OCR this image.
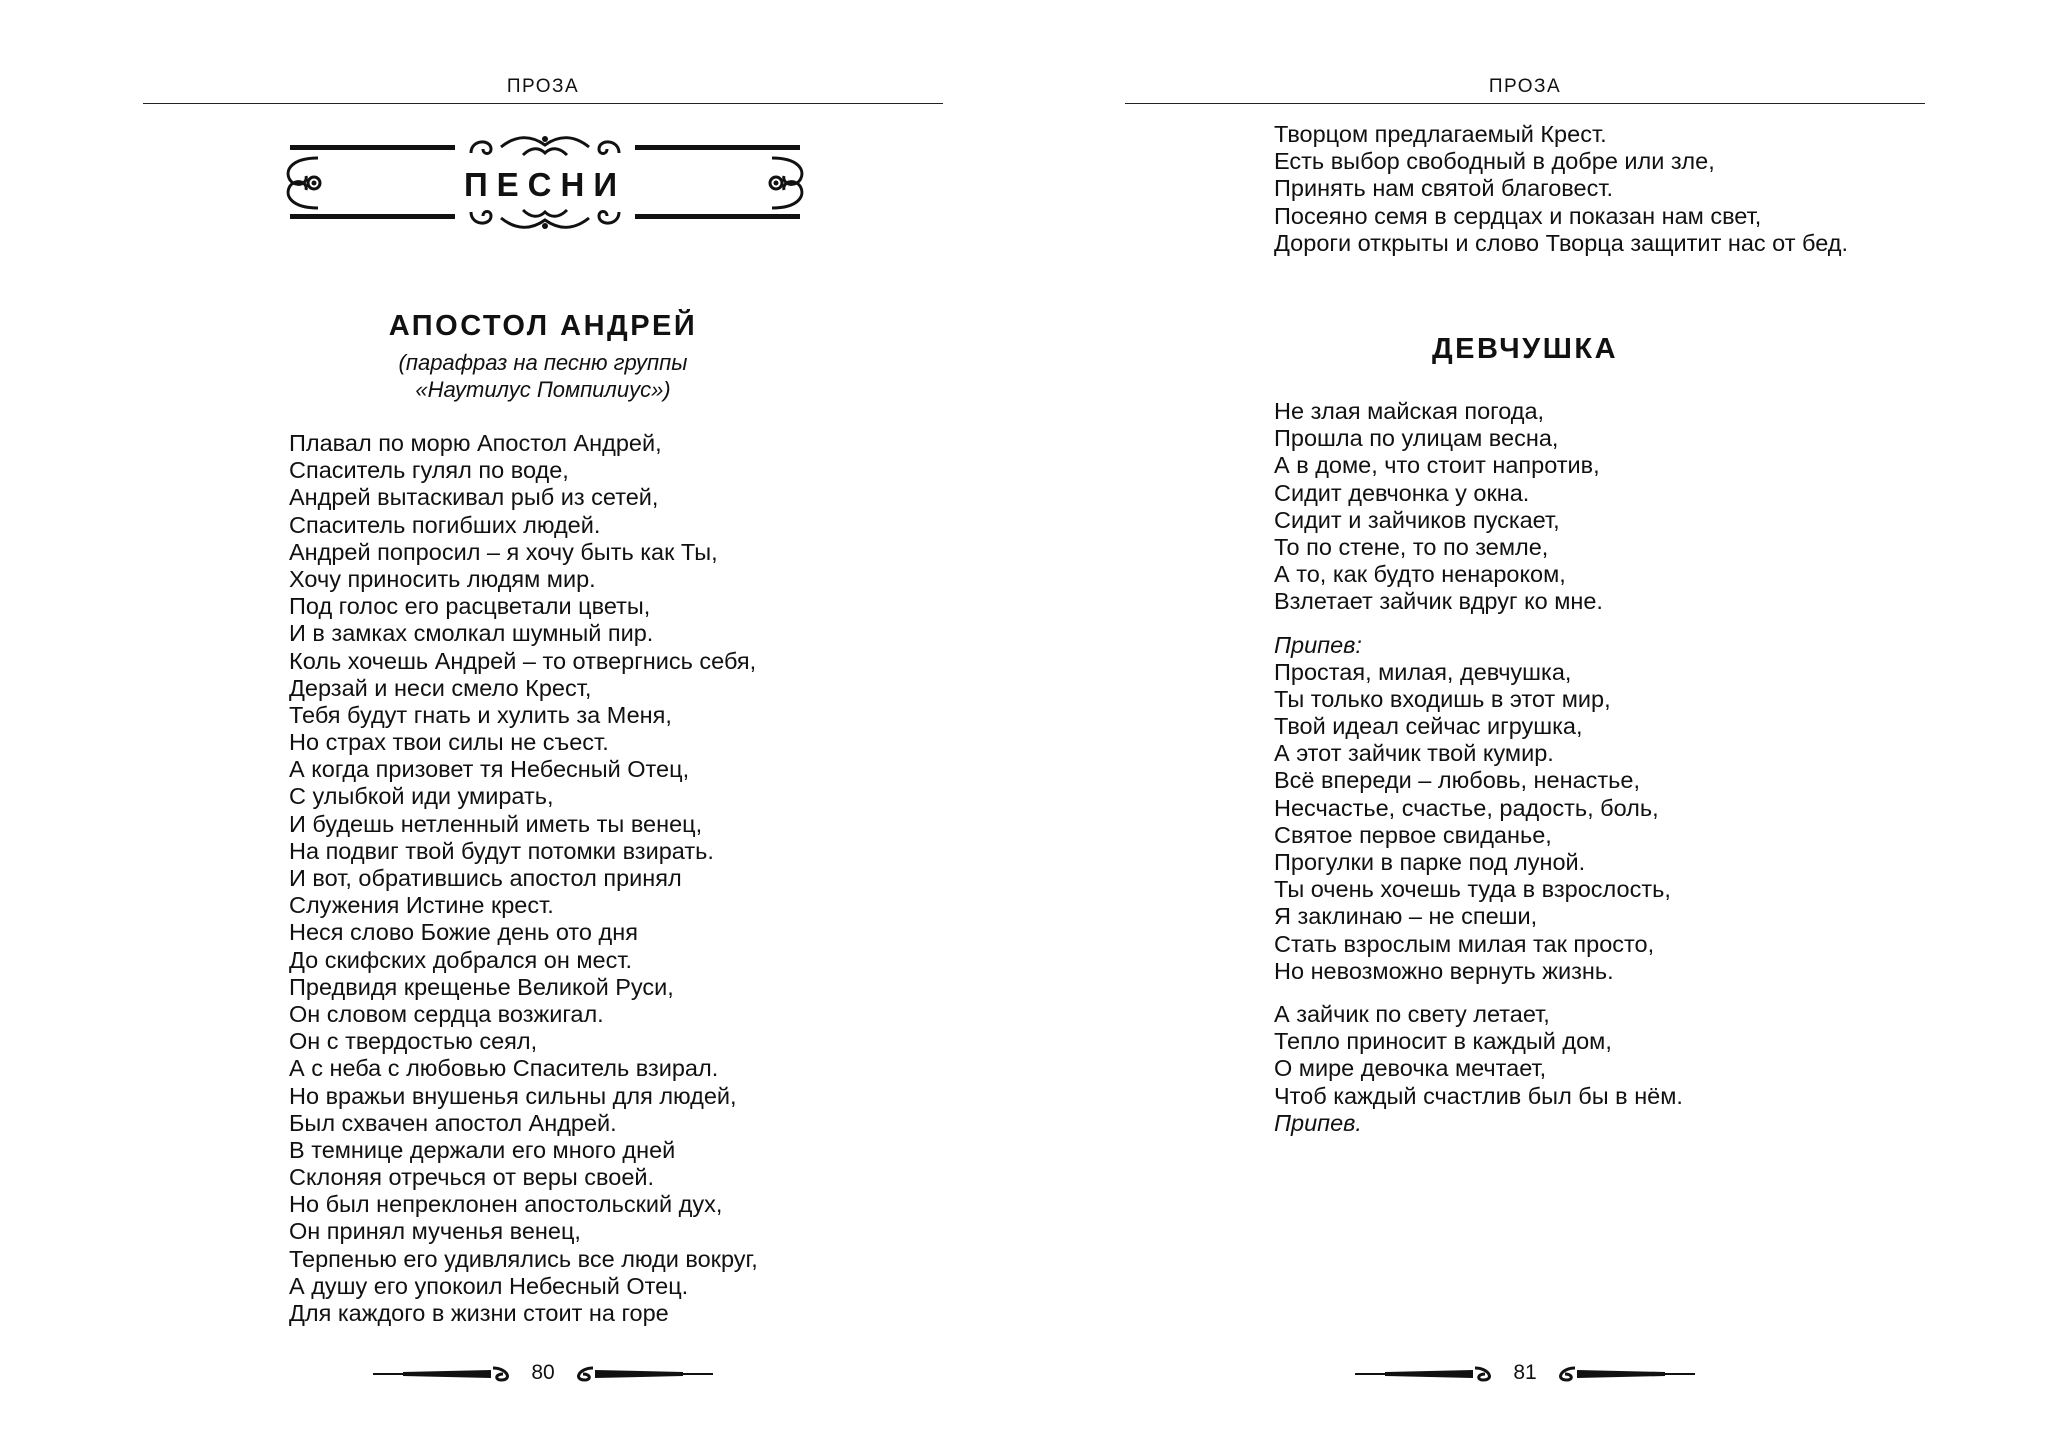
ПРОЗА
ПЕСНИ
АПОСТОЛ АНДРЕЙ
(парафраз на песню группы
«Наутилус Помпилиус»)
Плавал по морю Апостол Андрей,
Спаситель гулял по воде,
Андрей вытаскивал рыб из сетей,
Спаситель погибших людей.
Андрей попросил – я хочу быть как Ты,
Хочу приносить людям мир.
Под голос его расцветали цветы,
И в замках смолкал шумный пир.
Коль хочешь Андрей – то отвергнись себя,
Дерзай и неси смело Крест,
Тебя будут гнать и хулить за Меня,
Но страх твои силы не съест.
А когда призовет тя Небесный Отец,
С улыбкой иди умирать,
И будешь нетленный иметь ты венец,
На подвиг твой будут потомки взирать.
И вот, обратившись апостол принял
Служения Истине крест.
Неся слово Божие день ото дня
До скифских добрался он мест.
Предвидя крещенье Великой Руси,
Он словом сердца возжигал.
Он с твердостью сеял,
А с неба с любовью Спаситель взирал.
Но вражьи внушенья сильны для людей,
Был схвачен апостол Андрей.
В темнице держали его много дней
Склоняя отречься от веры своей.
Но был непреклонен апостольский дух,
Он принял мученья венец,
Терпенью его удивлялись все люди вокруг,
А душу его упокоил Небесный Отец.
Для каждого в жизни стоит на горе
80
ПРОЗА
Творцом предлагаемый Крест.
Есть выбор свободный в добре или зле,
Принять нам святой благовест.
Посеяно семя в сердцах и показан нам свет,
Дороги открыты и слово Творца защитит нас от бед.
ДЕВЧУШКА
Не злая майская погода,
Прошла по улицам весна,
А в доме, что стоит напротив,
Сидит девчонка у окна.
Сидит и зайчиков пускает,
То по стене, то по земле,
А то, как будто ненароком,
Взлетает зайчик вдруг ко мне.
Припев:
Простая, милая, девчушка,
Ты только входишь в этот мир,
Твой идеал сейчас игрушка,
А этот зайчик твой кумир.
Всё впереди – любовь, ненастье,
Несчастье, счастье, радость, боль,
Святое первое свиданье,
Прогулки в парке под луной.
Ты очень хочешь туда в взрослость,
Я заклинаю – не спеши,
Стать взрослым милая так просто,
Но невозможно вернуть жизнь.
А зайчик по свету летает,
Тепло приносит в каждый дом,
О мире девочка мечтает,
Чтоб каждый счастлив был бы в нём.
Припев.
81
